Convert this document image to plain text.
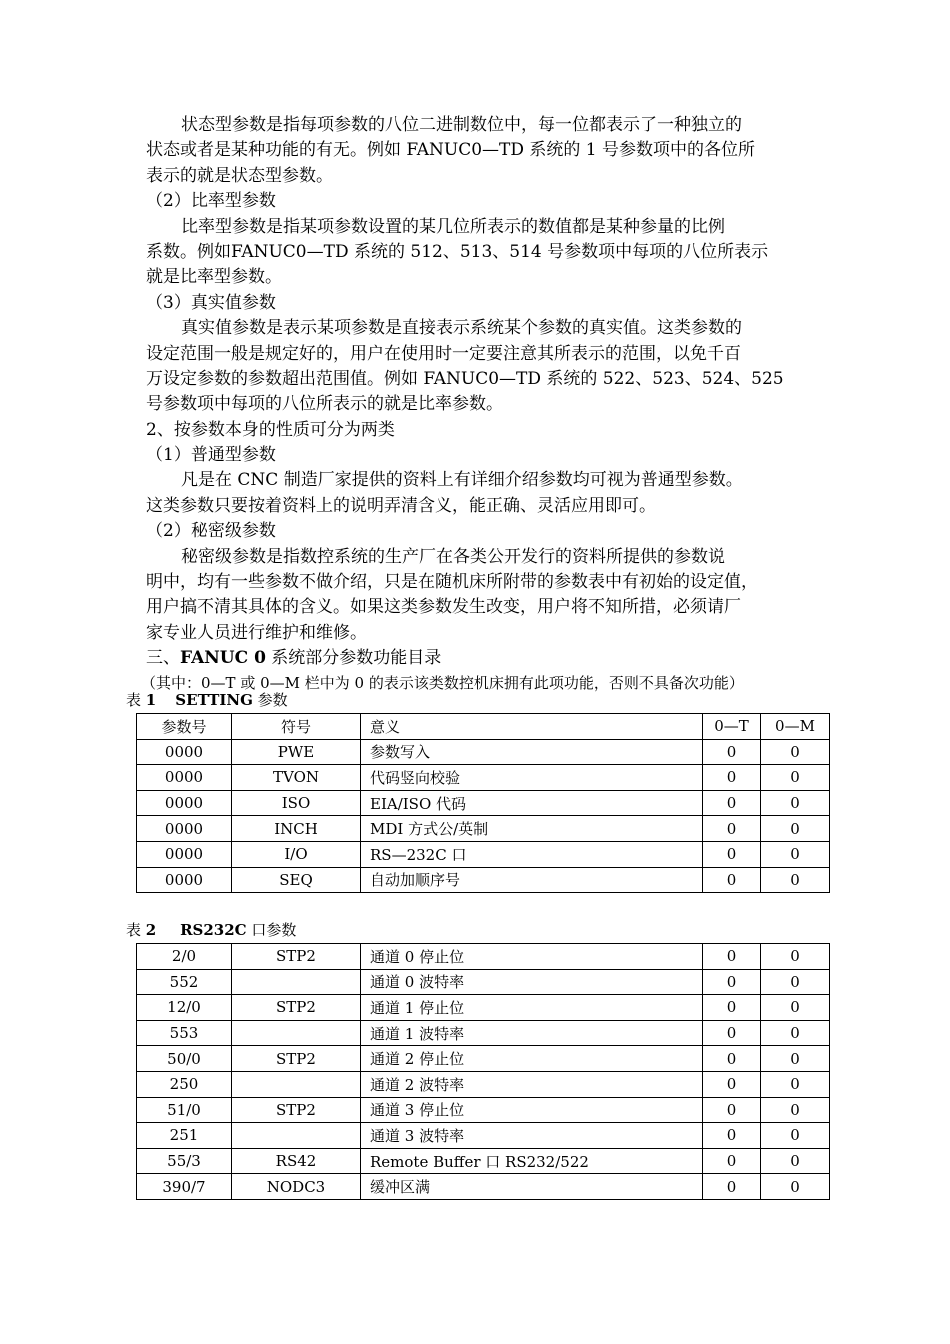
状态型参数是指每项参数的八位二进制数位中，每一位都表示了一种独立的
状态或者是某种功能的有无。例如 FANUC0—TD 系统的 1 号参数项中的各位所
表示的就是状态型参数。
（2）比率型参数
比率型参数是指某项参数设置的某几位所表示的数值都是某种参量的比例
系数。例如FANUC0—TD 系统的 512、513、514 号参数项中每项的八位所表示
就是比率型参数。
（3）真实值参数
真实值参数是表示某项参数是直接表示系统某个参数的真实值。这类参数的
设定范围一般是规定好的，用户在使用时一定要注意其所表示的范围，以免千百
万设定参数的参数超出范围值。例如 FANUC0—TD 系统的 522、523、524、525
号参数项中每项的八位所表示的就是比率参数。
2、按参数本身的性质可分为两类
（1）普通型参数
凡是在 CNC 制造厂家提供的资料上有详细介绍参数均可视为普通型参数。
这类参数只要按着资料上的说明弄清含义，能正确、灵活应用即可。
（2）秘密级参数
秘密级参数是指数控系统的生产厂在各类公开发行的资料所提供的参数说
明中，均有一些参数不做介绍，只是在随机床所附带的参数表中有初始的设定值，
用户搞不清其具体的含义。如果这类参数发生改变，用户将不知所措，必须请厂
家专业人员进行维护和维修。
三、FANUC 0 系统部分参数功能目录
（其中：0—T 或 0—M 栏中为 0 的表示该类数控机床拥有此项功能，否则不具备次功能）
表 1 SETTING 参数
参数号	符号	意义	0—T	0—M
0000	PWE	参数写入	0	0
0000	TVON	代码竖向校验	0	0
0000	ISO	EIA/ISO 代码	0	0
0000	INCH	MDI 方式公/英制	0	0
0000	I/O	RS—232C 口	0	0
0000	SEQ	自动加顺序号	0	0
表 2 RS232C 口参数
2/0	STP2	通道 0 停止位	0	0
552		通道 0 波特率	0	0
12/0	STP2	通道 1 停止位	0	0
553		通道 1 波特率	0	0
50/0	STP2	通道 2 停止位	0	0
250		通道 2 波特率	0	0
51/0	STP2	通道 3 停止位	0	0
251		通道 3 波特率	0	0
55/3	RS42	Remote Buffer 口 RS232/522	0	0
390/7	NODC3	缓冲区满	0	0
